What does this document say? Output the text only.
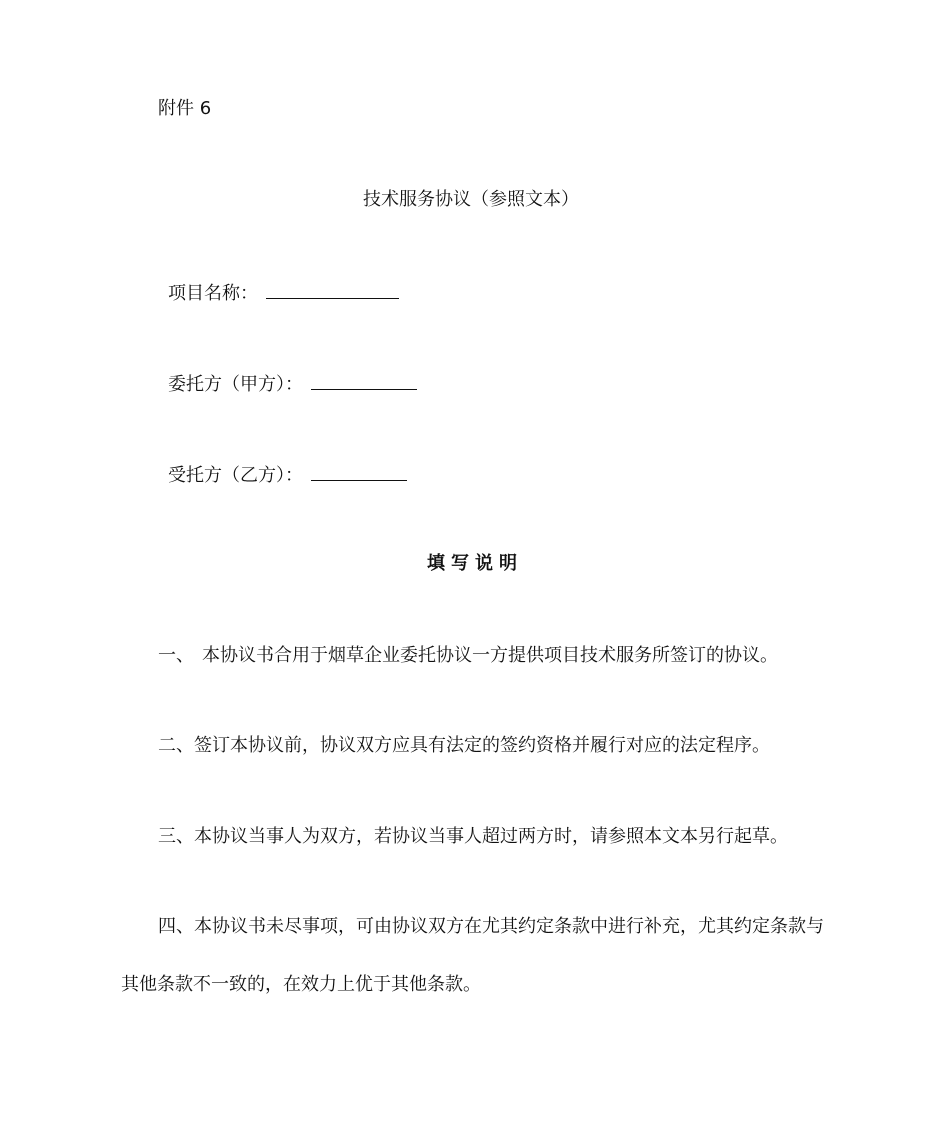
附件 6
技术服务协议（参照文本）
项目名称：
委托方（甲方）：
受托方（乙方）：
填写说明
一、 本协议书合用于烟草企业委托协议一方提供项目技术服务所签订的协议。
二、签订本协议前，协议双方应具有法定的签约资格并履行对应的法定程序。
三、本协议当事人为双方，若协议当事人超过两方时，请参照本文本另行起草。
四、本协议书未尽事项，可由协议双方在尤其约定条款中进行补充，尤其约定条款与
其他条款不一致的，在效力上优于其他条款。
